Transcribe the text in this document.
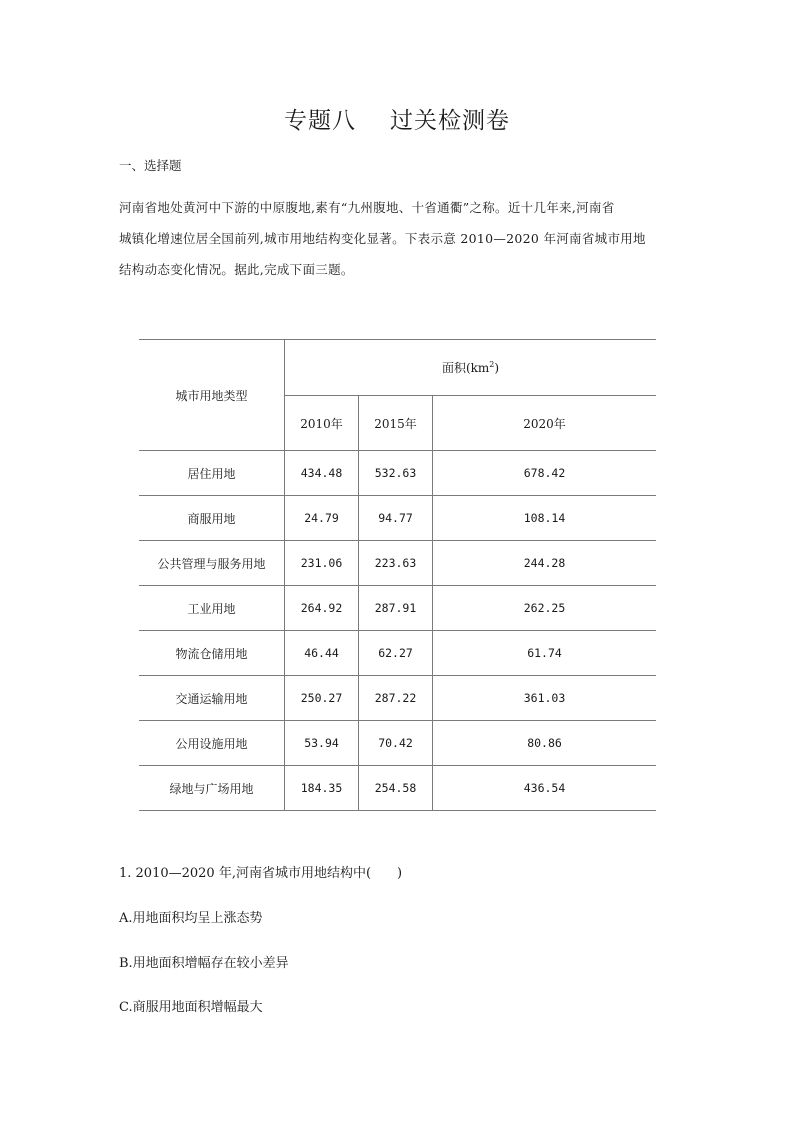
专题八 过关检测卷
一、选择题
河南省地处黄河中下游的中原腹地,素有“九州腹地、十省通衢”之称。近十几年来,河南省
城镇化增速位居全国前列,城市用地结构变化显著。下表示意 2010—2020 年河南省城市用地
结构动态变化情况。据此,完成下面三题。
城市用地类型	面积$(km^2)$		
	2010年	2015年	2020年
居住用地	434.48	532.63	678.42
商服用地	24.79	94.77	108.14
公共管理与服务用地	231.06	223.63	244.28
工业用地	264.92	287.91	262.25
物流仓储用地	46.44	62.27	61.74
交通运输用地	250.27	287.22	361.03
公用设施用地	53.94	70.42	80.86
绿地与广场用地	184.35	254.58	436.54
1. 2010—2020 年,河南省城市用地结构中(　　)
A.用地面积均呈上涨态势
B.用地面积增幅存在较小差异
C.商服用地面积增幅最大
